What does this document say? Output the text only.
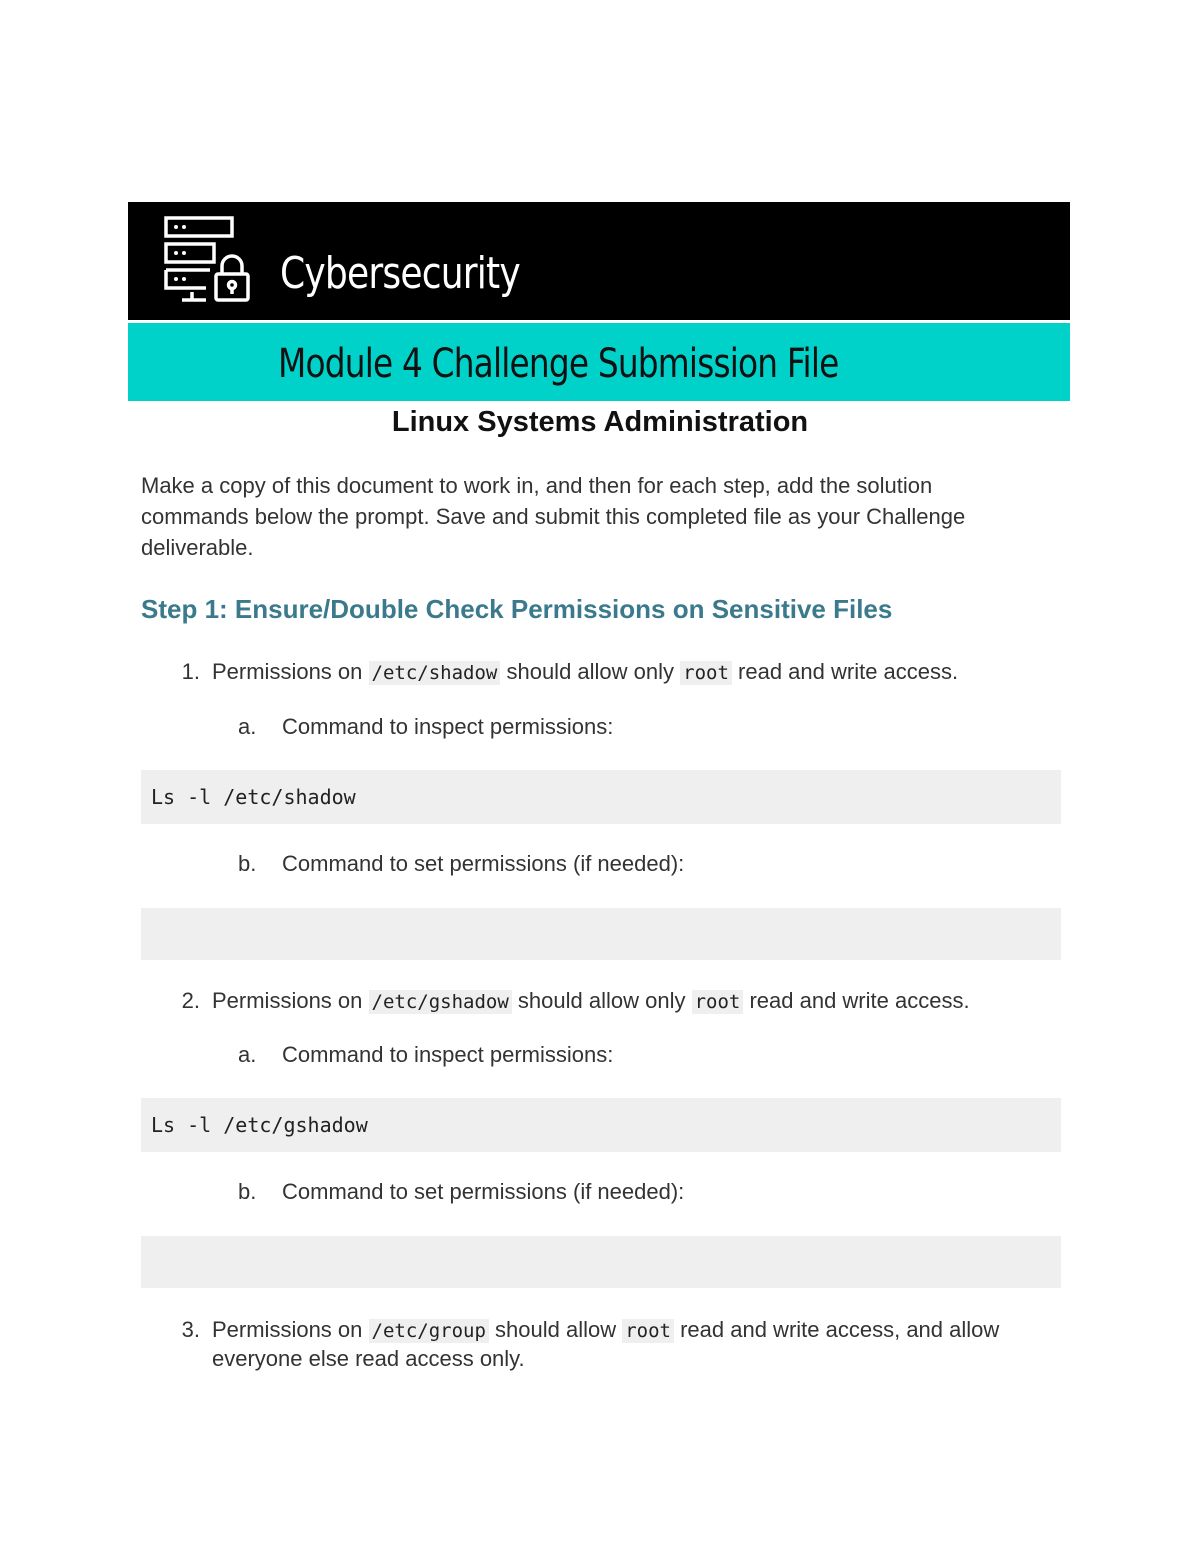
Cybersecurity
Module 4 Challenge Submission File
Linux Systems Administration
Make a copy of this document to work in, and then for each step, add the solution commands below the prompt. Save and submit this completed file as your Challenge deliverable.
Step 1: Ensure/Double Check Permissions on Sensitive Files
1. Permissions on /etc/shadow should allow only root read and write access.
a. Command to inspect permissions:
Ls -l /etc/shadow
b. Command to set permissions (if needed):
2. Permissions on /etc/gshadow should allow only root read and write access.
a. Command to inspect permissions:
Ls -l /etc/gshadow
b. Command to set permissions (if needed):
3. Permissions on /etc/group should allow root read and write access, and allow everyone else read access only.
